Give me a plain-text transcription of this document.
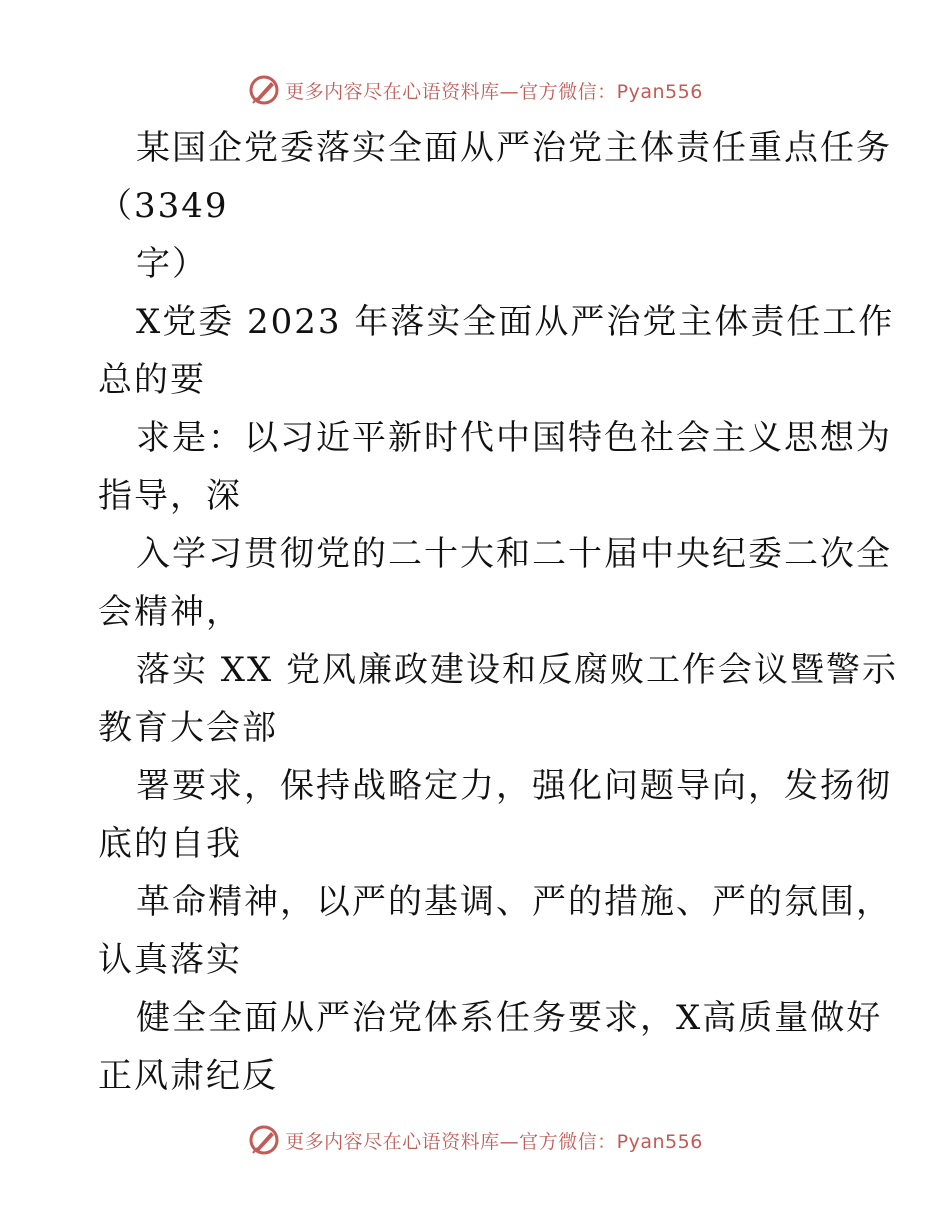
更多内容尽在心语资料库—官方微信：Pyan556
某国企党委落实全面从严治党主体责任重点任务
（3349
字）
X党委 2023 年落实全面从严治党主体责任工作
总的要
求是：以习近平新时代中国特色社会主义思想为
指导，深
入学习贯彻党的二十大和二十届中央纪委二次全
会精神，
落实 XX 党风廉政建设和反腐败工作会议暨警示
教育大会部
署要求，保持战略定力，强化问题导向，发扬彻
底的自我
革命精神，以严的基调、严的措施、严的氛围，
认真落实
健全全面从严治党体系任务要求，X高质量做好
正风肃纪反
更多内容尽在心语资料库—官方微信：Pyan556
